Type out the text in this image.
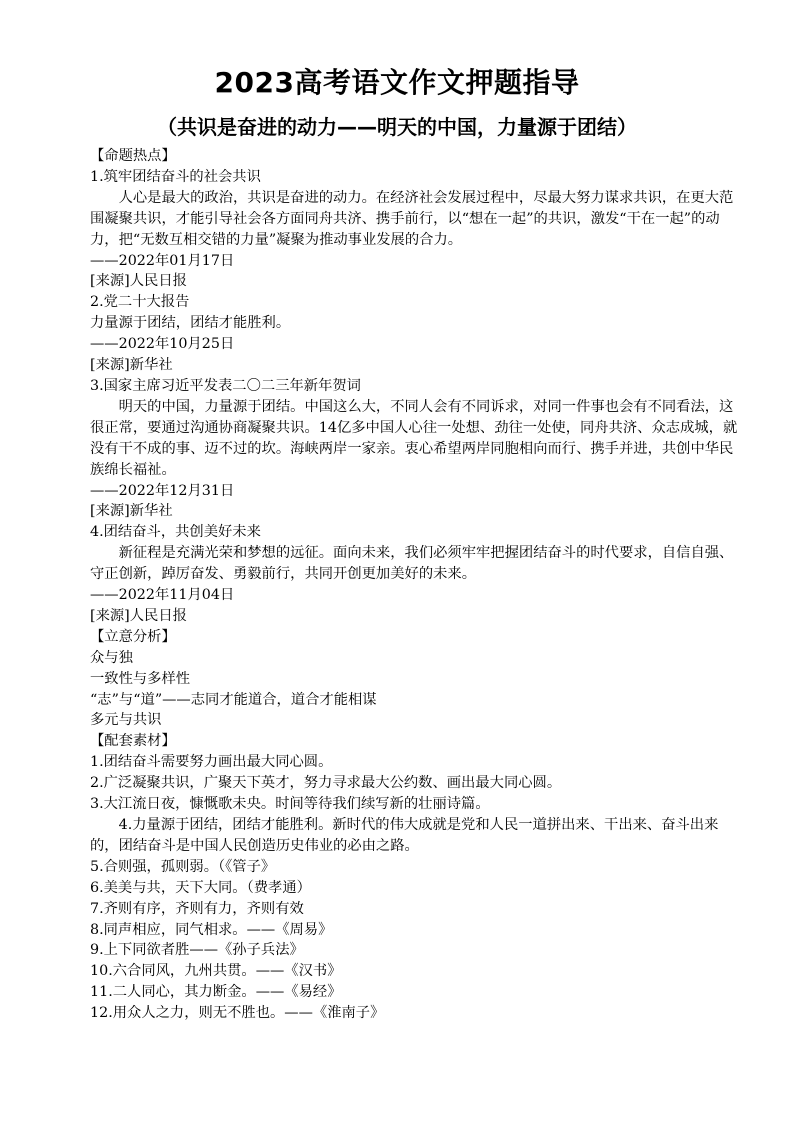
2023高考语文作文押题指导
（共识是奋进的动力——明天的中国，力量源于团结）

【命题热点】

1.筑牢团结奋斗的社会共识

人心是最大的政治，共识是奋进的动力。在经济社会发展过程中，尽最大努力谋求共识，在更大范围凝聚共识，才能引导社会各方面同舟共济、携手前行，以“想在一起”的共识，激发“干在一起”的动力，把“无数互相交错的力量”凝聚为推动事业发展的合力。

——2022年01月17日

[来源]人民日报

2.党二十大报告

力量源于团结，团结才能胜利。

——2022年10月25日

[来源]新华社

3.国家主席习近平发表二〇二三年新年贺词

明天的中国，力量源于团结。中国这么大，不同人会有不同诉求，对同一件事也会有不同看法，这很正常，要通过沟通协商凝聚共识。14亿多中国人心往一处想、劲往一处使，同舟共济、众志成城，就没有干不成的事、迈不过的坎。海峡两岸一家亲。衷心希望两岸同胞相向而行、携手并进，共创中华民族绵长福祉。

——2022年12月31日

[来源]新华社

4.团结奋斗，共创美好未来

新征程是充满光荣和梦想的远征。面向未来，我们必须牢牢把握团结奋斗的时代要求，自信自强、守正创新，踔厉奋发、勇毅前行，共同开创更加美好的未来。

——2022年11月04日

[来源]人民日报

【立意分析】

众与独

一致性与多样性

“志”与“道”——志同才能道合，道合才能相谋

多元与共识

【配套素材】

1.团结奋斗需要努力画出最大同心圆。

2.广泛凝聚共识，广聚天下英才，努力寻求最大公约数、画出最大同心圆。

3.大江流日夜，慷慨歌未央。时间等待我们续写新的壮丽诗篇。

4.力量源于团结，团结才能胜利。新时代的伟大成就是党和人民一道拼出来、干出来、奋斗出来的，团结奋斗是中国人民创造历史伟业的必由之路。

5.合则强，孤则弱。（《管子》

6.美美与共，天下大同。（费孝通）

7.齐则有序，齐则有力，齐则有效

8.同声相应，同气相求。——《周易》

9.上下同欲者胜——《孙子兵法》

10.六合同风，九州共贯。——《汉书》

11.二人同心，其力断金。——《易经》

12.用众人之力，则无不胜也。——《淮南子》
